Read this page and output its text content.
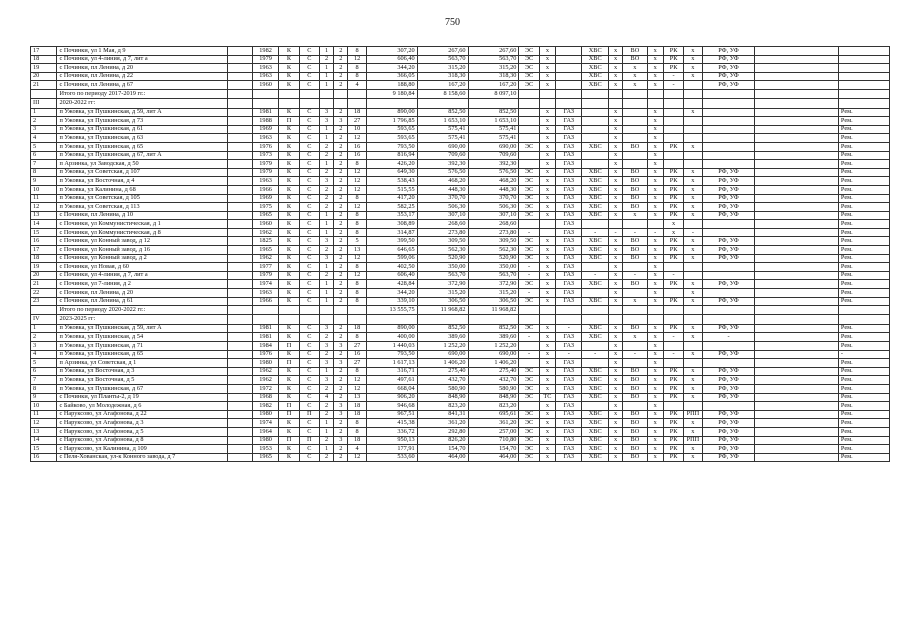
750
17	с Починки, ул 1 Мая, д 9		1982	К	С	1	2	8	307,20	267,60	267,60	ЭС	х		ХВС	х	ВО	х	РК	х	РФ, УФ		
18	с Починки, ул 4-линия, д 7, лит а		1979	К	С	2	2	12	606,40	563,70	563,70	ЭС	х		ХВС	х	ВО	х	РК	х	РФ, УФ		
19	с Починки, пл Ленина, д 20		1963	К	С	1	2	8	344,20	315,20	315,20	ЭС	х		ХВС	х	х	х	РК	х	РФ, УФ		
20	с Починки, пл Ленина, д 22		1963	К	С	1	2	8	366,05	318,30	318,30	ЭС	х		ХВС	х	х	х	-	х	РФ, УФ		
21	с Починки, пл Ленина, д 67		1960	К	С	1	2	4	188,80	167,20	167,20	ЭС	х		ХВС	х	х	х	-		РФ, УФ		
	Итого по периоду 2017-2019 гг.:								9 180,84	8 158,60	8 097,10												
III	2020-2022 гг:																						
1	п Ужовка, ул Пушкинская, д 59, лит А		1981	К	С	3	2	18	890,00	852,50	852,50		х	ГАЗ		х		х		х			Рем.
2	п Ужовка, ул Пушкинская, д 73		1988	П	С	3	3	27	1 796,85	1 653,10	1 653,10		х	ГАЗ		х		х					Рем.
3	п Ужовка, ул Пушкинская, д 61		1969	К	С	1	2	10	593,65	575,41	575,41		х	ГАЗ		х		х					Рем.
4	п Ужовка, ул Пушкинская, д 63		1963	К	С	1	2	12	593,65	575,41	575,41		х	ГАЗ		х		х					Рем.
5	п Ужовка, ул Пушкинская, д 65		1976	К	С	2	2	16	793,50	690,00	690,00	ЭС	х	ГАЗ	ХВС	х	ВО	х	РК	х			Рем.
6	п Ужовка, ул Пушкинская, д 67, лит А		1973	К	С	2	2	16	816,94	709,60	709,60		х	ГАЗ		х		х					Рем.
7	п Арзинка, ул Заводская, д 50		1979	К	С	1	2	8	426,20	392,30	392,30		х	ГАЗ		х		х					Рем.
8	п Ужовка, ул Советская, д 107		1979	К	С	2	2	12	649,30	576,50	576,50	ЭС	х	ГАЗ	ХВС	х	ВО	х	РК	х	РФ, УФ		Рем.
9	п Ужовка, ул Восточная, д 4		1963	К	С	3	2	12	538,43	468,20	468,20	ЭС	х	ГАЗ	ХВС	х	ВО	х	РК	х	РФ, УФ		Рем.
10	п Ужовка, ул Калинина, д 68		1966	К	С	2	2	12	515,55	448,30	448,30	ЭС	х	ГАЗ	ХВС	х	ВО	х	РК	х	РФ, УФ		Рем.
11	п Ужовка, ул Советская, д 105		1969	К	С	2	2	8	417,20	370,70	370,70	ЭС	х	ГАЗ	ХВС	х	ВО	х	РК	х	РФ, УФ		Рем.
12	п Ужовка, ул Советская, д 113		1975	К	С	2	2	12	582,25	506,30	506,30	ЭС	х	ГАЗ	ХВС	х	ВО	х	РК	х	РФ, УФ		Рем.
13	с Починки, пл Ленина, д 10		1965	К	С	1	2	8	353,17	307,10	307,10	ЭС	х	ГАЗ	ХВС	х	х	х	РК	х	РФ, УФ		Рем.
14	с Починки, ул Коммунистическая, д 1		1960	К	С	1	2	8	308,89	268,60	268,60			ГАЗ					х				Рем.
15	с Починки, ул Коммунистическая, д 8		1962	К	С	1	2	8	314,87	273,80	273,80	-		ГАЗ	-	-	-	-	х	-			Рем.
16	с Починки, ул Конный завод, д 12		1825	К	С	3	2	5	399,50	309,50	309,50	ЭС	х	ГАЗ	ХВС	х	ВО	х	РК	х	РФ, УФ		Рем.
17	с Починки, ул Конный завод, д 16		1965	К	С	2	2	13	646,65	562,30	562,30	ЭС	х	ГАЗ	ХВС	х	ВО	х	РК	х	РФ, УФ		Рем.
18	с Починки, ул Конный завод, д 2		1962	К	С	3	2	12	599,06	520,90	520,90	ЭС	х	ГАЗ	ХВС	х	ВО	х	РК	х	РФ, УФ		Рем.
19	с Починки, ул Новая, д 60		1977	К	С	1	2	8	402,50	350,00	350,00	-	х	ГАЗ		х		х					Рем.
20	с Починки, ул 4-линия, д 7, лит а		1979	К	С	2	2	12	606,40	563,70	563,70	-	х	ГАЗ	-	х	-	х	-				Рем.
21	с Починки, ул 7-линия, д 2		1974	К	С	1	2	8	428,84	372,90	372,90	ЭС	х	ГАЗ	ХВС	х	ВО	х	РК	х	РФ, УФ		Рем.
22	с Починки, пл Ленина, д 20		1963	К	С	1	2	8	344,20	315,20	315,20	-	х	ГАЗ		х		х		х			Рем.
23	с Починки, пл Ленина, д 61		1966	К	С	1	2	8	339,10	306,50	306,50	ЭС	х	ГАЗ	ХВС	х	х	х	РК	х	РФ, УФ		Рем.
	Итого по периоду 2020-2022 гг.:								13 555,75	11 968,82	11 968,82												
IV	2023-2025 гг:																						
1	п Ужовка, ул Пушкинская, д 59, лит А		1981	К	С	3	2	18	890,00	852,50	852,50	ЭС	х	-	ХВС	х	ВО	х	РК	х	РФ, УФ		Рем.
2	п Ужовка, ул Пушкинская, д 54		1981	К	С	2	2	8	400,00	389,60	389,60	-	х	ГАЗ	ХВС	х	х	х	-	х	-		Рем.
3	п Ужовка, ул Пушкинская, д 71		1984	П	С	3	3	27	1 440,03	1 252,20	1 252,20		х	ГАЗ		х		х					Рем.
4	п Ужовка, ул Пушкинская, д 65		1976	К	С	2	2	16	793,50	690,00	690,00	-	х	-	-	х	-	х	-	х	РФ, УФ		-
5	п Арзинка, ул Советская, д 1		1980	П	С	3	3	27	1 617,13	1 406,20	1 406,20		х	ГАЗ		х		х					Рем.
6	п Ужовка, ул Восточная, д 3		1962	К	С	1	2	8	316,71	275,40	275,40	ЭС	х	ГАЗ	ХВС	х	ВО	х	РК	х	РФ, УФ		Рем.
7	п Ужовка, ул Восточная, д 5		1962	К	С	3	2	12	497,61	432,70	432,70	ЭС	х	ГАЗ	ХВС	х	ВО	х	РК	х	РФ, УФ		Рем.
8	п Ужовка, ул Пушкинская, д 67		1972	К	С	2	2	12	668,04	580,90	580,90	ЭС	х	ГАЗ	ХВС	х	ВО	х	РК	х	РФ, УФ		Рем.
9	с Починки, ул Планты-2, д 19		1968	К	С	4	2	13	906,20	848,90	848,90	ЭС	ТС	ГАЗ	ХВС	х	ВО	х	РК	х	РФ, УФ		Рем.
10	с Байково, ул Молодежная, д 6		1982	П	С	2	3	18	946,68	823,20	823,20		х	ГАЗ		х		х					Рем.
11	с Наруксово, ул Агафонова, д 22		1980	П	П	2	3	18	967,51	841,31	695,61	ЭС	х	ГАЗ	ХВС	х	ВО	х	РК	РПП	РФ, УФ		Рем.
12	с Наруксово, ул Агафонова, д 3		1974	К	С	1	2	8	415,38	361,20	361,20	ЭС	х	ГАЗ	ХВС	х	ВО	х	РК	х	РФ, УФ		Рем.
13	с Наруксово, ул Агафонова, д 5		1964	К	С	1	2	8	336,72	292,80	257,00	ЭС	х	ГАЗ	ХВС	х	ВО	х	РК	х	РФ, УФ		Рем.
14	с Наруксово, ул Агафонова, д 8		1980	П	П	2	3	18	950,13	826,20	710,80	ЭС	х	ГАЗ	ХВС	х	ВО	х	РК	РПП	РФ, УФ		Рем.
15	с Наруксово, ул Калинина, д 109		1953	К	С	1	2	4	177,91	154,70	154,70	ЭС	х	ГАЗ	ХВС	х	ВО	х	РК	х	РФ, УФ		Рем.
16	с Пеля-Хованская, ул-к Конного завода, д 7		1965	К	С	2	2	12	533,60	464,00	464,00	ЭС	х	ГАЗ	ХВС	х	ВО	х	РК	х	РФ, УФ		Рем.
